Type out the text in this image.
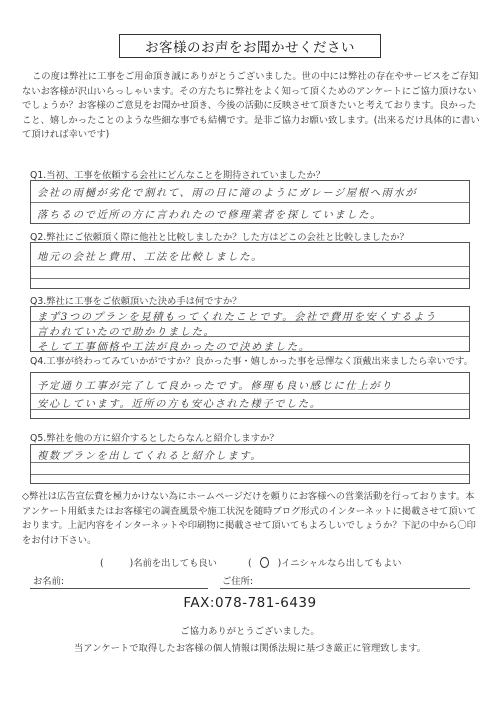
お客様のお声をお聞かせください

この度は弊社に工事をご用命頂き誠にありがとうございました。世の中には弊社の存在やサービスをご存知ないお客様が沢山いらっしゃいます。その方たちに弊社をよく知って頂くためのアンケートにご協力頂けないでしょうか？お客様のご意見をお聞かせ頂き、今後の活動に反映させて頂きたいと考えております。良かったこと、嬉しかったことのような些細な事でも結構です。是非ご協力お願い致します。(出来るだけ具体的に書いて頂ければ幸いです)

Q1.当初、工事を依頼する会社にどんなことを期待されていましたか？
会社の雨樋が劣化で割れて、雨の日に滝のようにガレージ屋根へ雨水が
落ちるので近所の方に言われたので修理業者を探していました。
Q2.弊社にご依頼頂く際に他社と比較しましたか？した方はどこの会社と比較しましたか？
地元の会社と費用、工法を比較しました。
Q3.弊社に工事をご依頼頂いた決め手は何ですか？
まず3つのプランを見積もってくれたことです。会社で費用を安くするよう
言われていたので助かりました。
そして工事価格や工法が良かったので決めました。
Q4.工事が終わってみていかがですか？良かった事・嬉しかった事を忌憚なく頂戴出来ましたら幸いです。
予定通り工事が完了して良かったです。修理も良い感じに仕上がり
安心しています。近所の方も安心された様子でした。
Q5.弊社を他の方に紹介するとしたらなんと紹介しますか？
複数プランを出してくれると紹介します。

◇弊社は広告宣伝費を極力かけない為にホームページだけを頼りにお客様への営業活動を行っております。本アンケート用紙またはお客様宅の調査風景や施工状況を随時ブログ形式のインターネットに掲載させて頂いております。上記内容をインターネットや印刷物に掲載させて頂いてもよろしいでしょうか？下記の中から〇印をお付け下さい。

(	)名前を出しても良い	(	)イニシャルなら出してもよい
お名前:	ご住所:
FAX:078-781-6439
ご協力ありがとうございました。
当アンケートで取得したお客様の個人情報は関係法規に基づき厳正に管理致します。
